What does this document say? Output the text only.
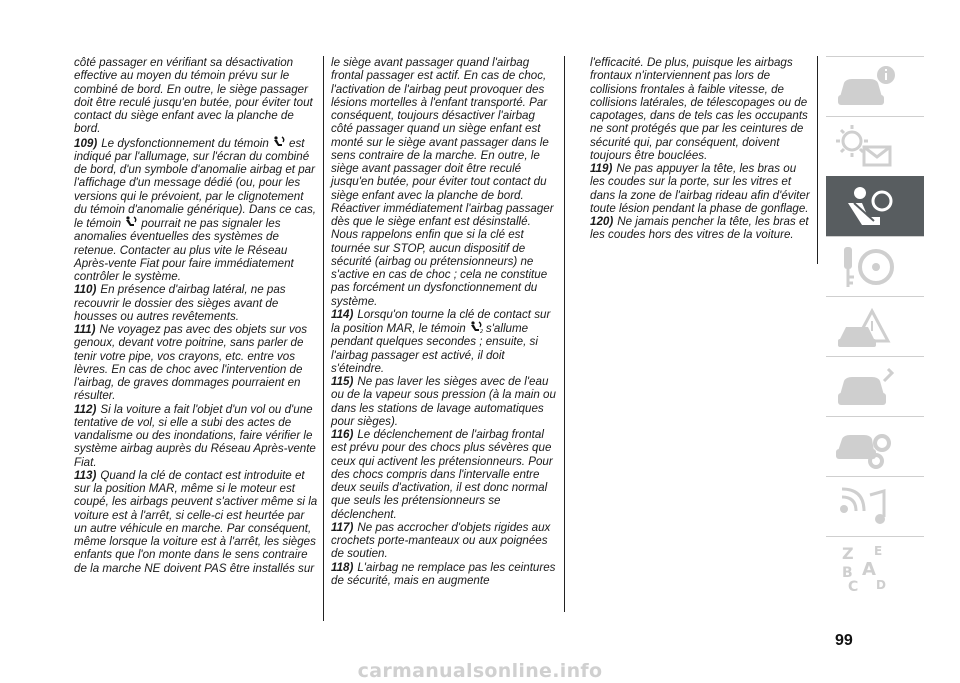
côté passager en vérifiant sa désactivation effective au moyen du témoin prévu sur le combiné de bord. En outre, le siège passager doit être reculé jusqu'en butée, pour éviter tout contact du siège enfant avec la planche de bord.

109) Le dysfonctionnement du témoin est indiqué par l'allumage, sur l'écran du combiné de bord, d'un symbole d'anomalie airbag et par l'affichage d'un message dédié (ou, pour les versions qui le prévoient, par le clignotement du témoin d'anomalie générique). Dans ce cas, le témoin pourrait ne pas signaler les anomalies éventuelles des systèmes de retenue. Contacter au plus vite le Réseau Après-vente Fiat pour faire immédiatement contrôler le système.

110) En présence d'airbag latéral, ne pas recouvrir le dossier des sièges avant de housses ou autres revêtements.

111) Ne voyagez pas avec des objets sur vos genoux, devant votre poitrine, sans parler de tenir votre pipe, vos crayons, etc. entre vos lèvres. En cas de choc avec l'intervention de l'airbag, de graves dommages pourraient en résulter.

112) Si la voiture a fait l'objet d'un vol ou d'une tentative de vol, si elle a subi des actes de vandalisme ou des inondations, faire vérifier le système airbag auprès du Réseau Après-vente Fiat.

113) Quand la clé de contact est introduite et sur la position MAR, même si le moteur est coupé, les airbags peuvent s'activer même si la voiture est à l'arrêt, si celle-ci est heurtée par un autre véhicule en marche. Par conséquent, même lorsque la voiture est à l'arrêt, les sièges enfants que l'on monte dans le sens contraire de la marche NE doivent PAS être installés sur

le siège avant passager quand l'airbag frontal passager est actif. En cas de choc, l'activation de l'airbag peut provoquer des lésions mortelles à l'enfant transporté. Par conséquent, toujours désactiver l'airbag côté passager quand un siège enfant est monté sur le siège avant passager dans le sens contraire de la marche. En outre, le siège avant passager doit être reculé jusqu'en butée, pour éviter tout contact du siège enfant avec la planche de bord. Réactiver immédiatement l'airbag passager dès que le siège enfant est désinstallé. Nous rappelons enfin que si la clé est tournée sur STOP, aucun dispositif de sécurité (airbag ou prétensionneurs) ne s'active en cas de choc ; cela ne constitue pas forcément un dysfonctionnement du système.

114) Lorsqu'on tourne la clé de contact sur la position MAR, le témoin	2 s'allume pendant quelques secondes ; ensuite, si l'airbag passager est activé, il doit s'éteindre.

115) Ne pas laver les sièges avec de l'eau ou de la vapeur sous pression (à la main ou dans les stations de lavage automatiques pour sièges).

116) Le déclenchement de l'airbag frontal est prévu pour des chocs plus sévères que ceux qui activent les prétensionneurs. Pour des chocs compris dans l'intervalle entre deux seuils d'activation, il est donc normal que seuls les prétensionneurs se déclenchent.

117) Ne pas accrocher d'objets rigides aux crochets porte-manteaux ou aux poignées de soutien.

118) L'airbag ne remplace pas les ceintures de sécurité, mais en augmente

l'efficacité. De plus, puisque les airbags frontaux n'interviennent pas lors de collisions frontales à faible vitesse, de collisions latérales, de télescopages ou de capotages, dans de tels cas les occupants ne sont protégés que par les ceintures de sécurité qui, par conséquent, doivent toujours être bouclées.

119) Ne pas appuyer la tête, les bras ou les coudes sur la porte, sur les vitres et dans la zone de l'airbag rideau afin d'éviter toute lésion pendant la phase de gonflage.

120) Ne jamais pencher la tête, les bras et les coudes hors des vitres de la voiture.

Z E
B A
C D
99
carmanualsonline.info
